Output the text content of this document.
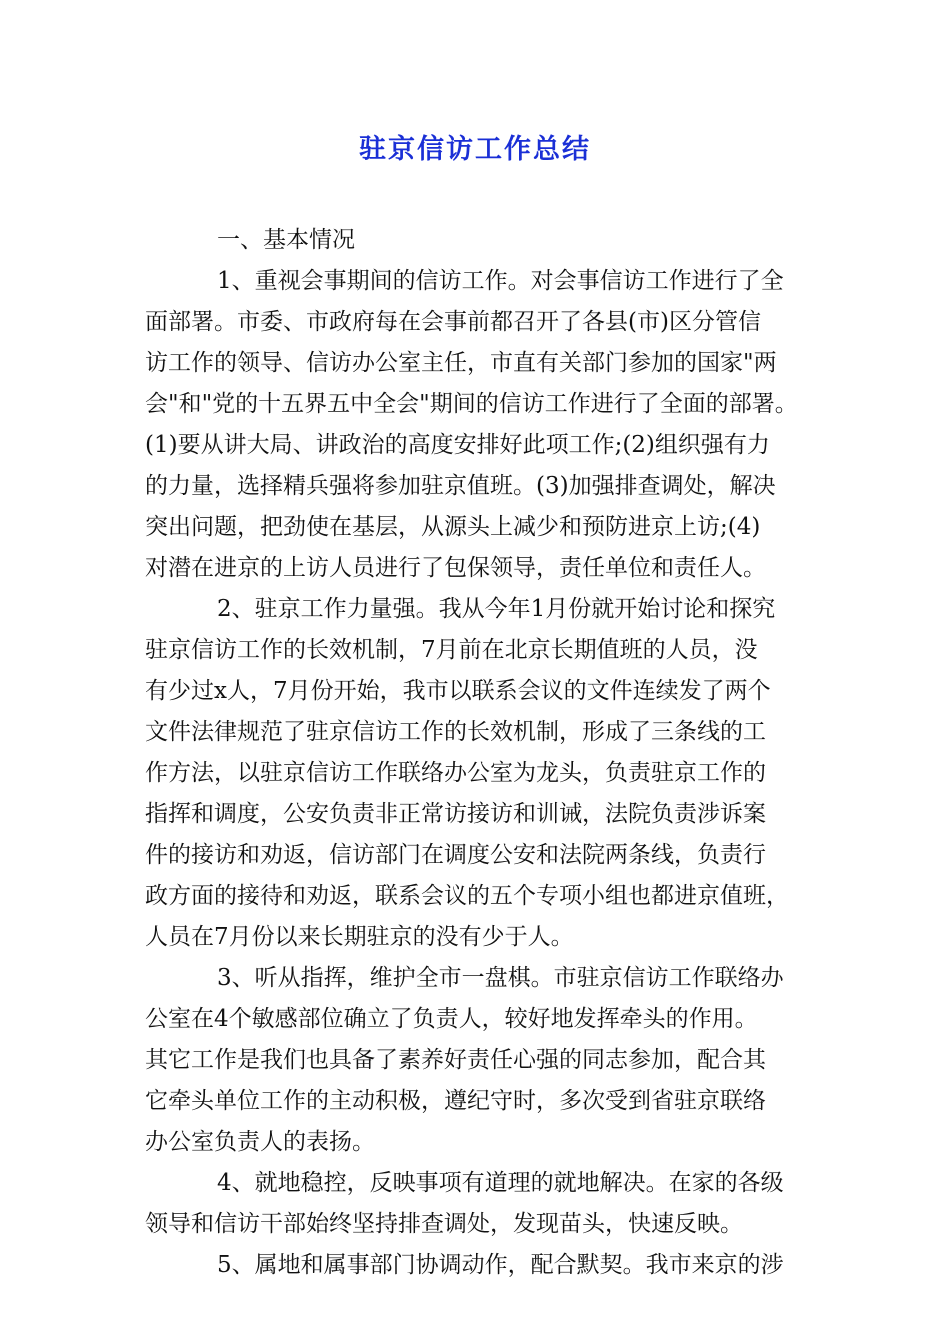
驻京信访工作总结
一、基本情况
1、重视会事期间的信访工作。对会事信访工作进行了全
面部署。市委、市政府每在会事前都召开了各县(市)区分管信
访工作的领导、信访办公室主任，市直有关部门参加的国家"两
会"和"党的十五界五中全会"期间的信访工作进行了全面的部署。
(1)要从讲大局、讲政治的高度安排好此项工作;(2)组织强有力
的力量，选择精兵强将参加驻京值班。(3)加强排查调处，解决
突出问题，把劲使在基层，从源头上减少和预防进京上访;(4)
对潜在进京的上访人员进行了包保领导，责任单位和责任人。
2、驻京工作力量强。我从今年1月份就开始讨论和探究
驻京信访工作的长效机制，7月前在北京长期值班的人员，没
有少过x人，7月份开始，我市以联系会议的文件连续发了两个
文件法律规范了驻京信访工作的长效机制，形成了三条线的工
作方法，以驻京信访工作联络办公室为龙头，负责驻京工作的
指挥和调度，公安负责非正常访接访和训诫，法院负责涉诉案
件的接访和劝返，信访部门在调度公安和法院两条线，负责行
政方面的接待和劝返，联系会议的五个专项小组也都进京值班，
人员在7月份以来长期驻京的没有少于人。
3、听从指挥，维护全市一盘棋。市驻京信访工作联络办
公室在4个敏感部位确立了负责人，较好地发挥牵头的作用。
其它工作是我们也具备了素养好责任心强的同志参加，配合其
它牵头单位工作的主动积极，遵纪守时，多次受到省驻京联络
办公室负责人的表扬。
4、就地稳控，反映事项有道理的就地解决。在家的各级
领导和信访干部始终坚持排查调处，发现苗头，快速反映。
5、属地和属事部门协调动作，配合默契。我市来京的涉
